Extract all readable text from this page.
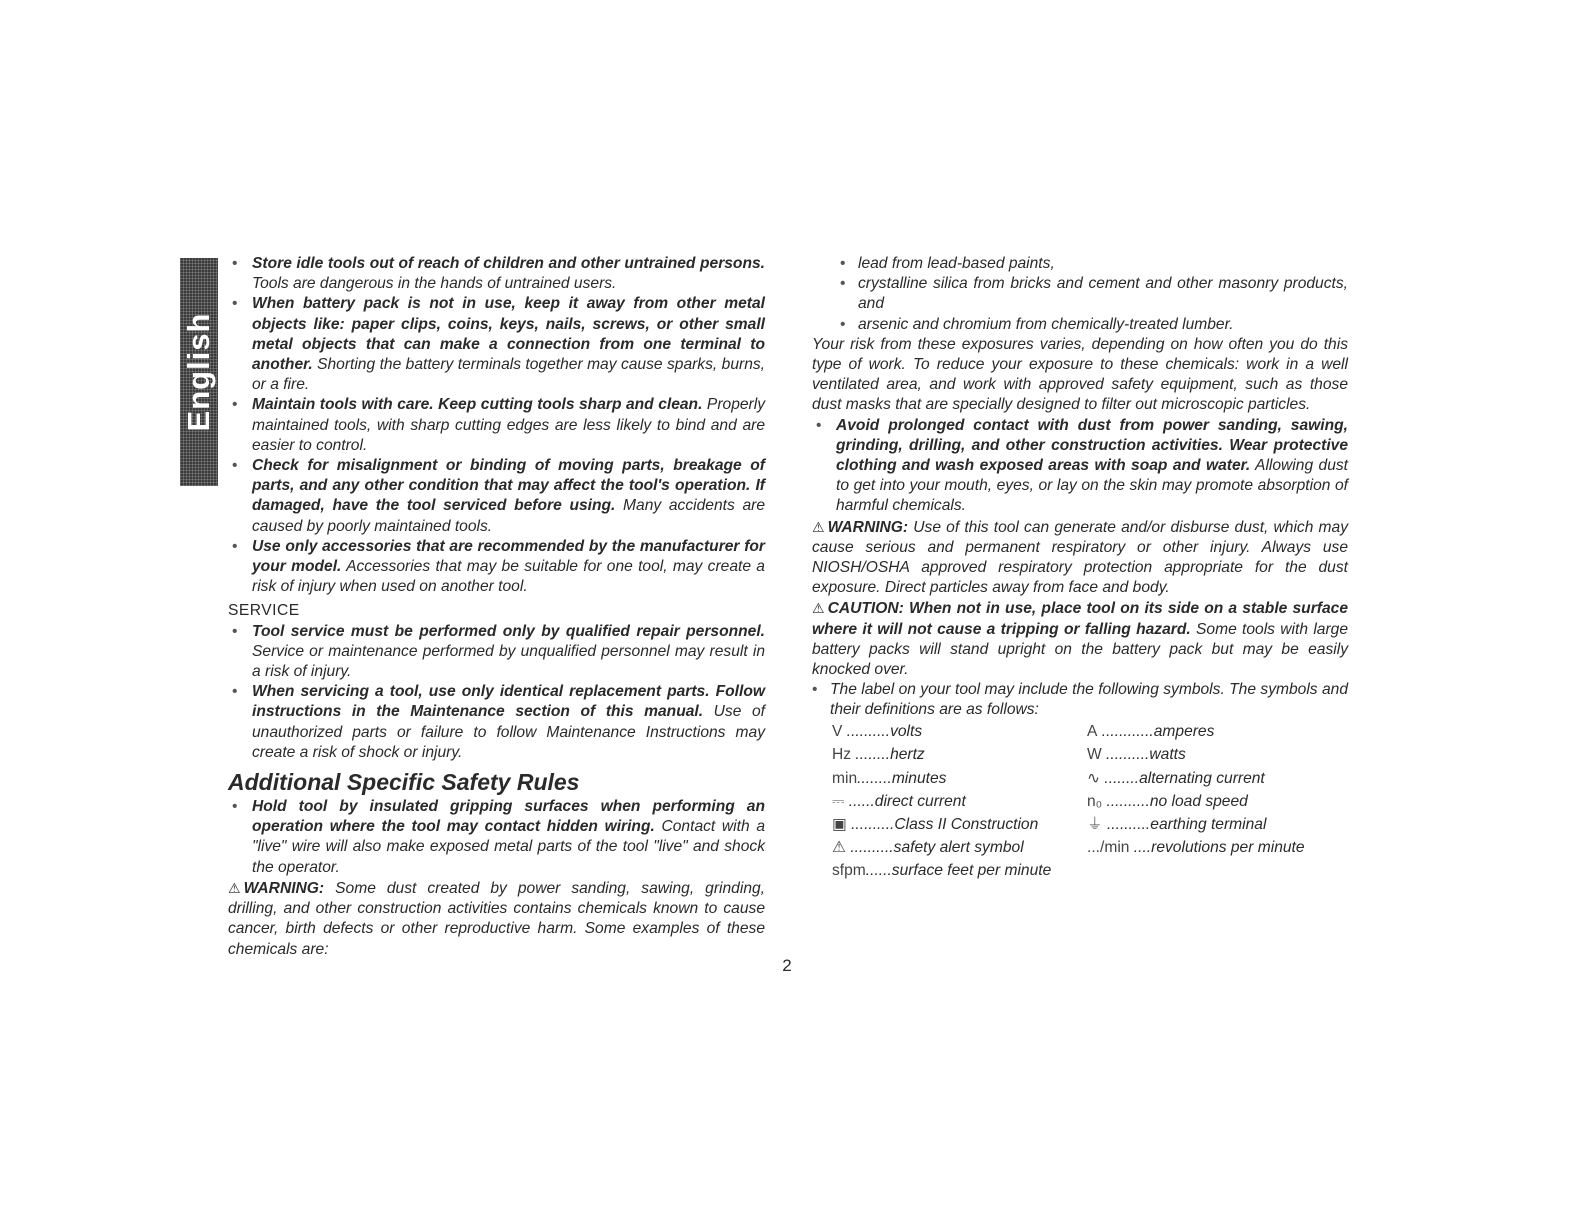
English
• Store idle tools out of reach of children and other untrained persons. Tools are dangerous in the hands of untrained users.
• When battery pack is not in use, keep it away from other metal objects like: paper clips, coins, keys, nails, screws, or other small metal objects that can make a connection from one terminal to another. Shorting the battery terminals together may cause sparks, burns, or a fire.
• Maintain tools with care. Keep cutting tools sharp and clean. Properly maintained tools, with sharp cutting edges are less likely to bind and are easier to control.
• Check for misalignment or binding of moving parts, breakage of parts, and any other condition that may affect the tool's operation. If damaged, have the tool serviced before using. Many accidents are caused by poorly maintained tools.
• Use only accessories that are recommended by the manufacturer for your model. Accessories that may be suitable for one tool, may create a risk of injury when used on another tool.
SERVICE
• Tool service must be performed only by qualified repair personnel. Service or maintenance performed by unqualified personnel may result in a risk of injury.
• When servicing a tool, use only identical replacement parts. Follow instructions in the Maintenance section of this manual. Use of unauthorized parts or failure to follow Maintenance Instructions may create a risk of shock or injury.
Additional Specific Safety Rules
• Hold tool by insulated gripping surfaces when performing an operation where the tool may contact hidden wiring. Contact with a "live" wire will also make exposed metal parts of the tool "live" and shock the operator.

⚠ WARNING: Some dust created by power sanding, sawing, grinding, drilling, and other construction activities contains chemicals known to cause cancer, birth defects or other reproductive harm. Some examples of these chemicals are:

• lead from lead-based paints,
• crystalline silica from bricks and cement and other masonry products, and
• arsenic and chromium from chemically-treated lumber.

Your risk from these exposures varies, depending on how often you do this type of work. To reduce your exposure to these chemicals: work in a well ventilated area, and work with approved safety equipment, such as those dust masks that are specially designed to filter out microscopic particles.

• Avoid prolonged contact with dust from power sanding, sawing, grinding, drilling, and other construction activities. Wear protective clothing and wash exposed areas with soap and water. Allowing dust to get into your mouth, eyes, or lay on the skin may promote absorption of harmful chemicals.

⚠ WARNING: Use of this tool can generate and/or disburse dust, which may cause serious and permanent respiratory or other injury. Always use NIOSH/OSHA approved respiratory protection appropriate for the dust exposure. Direct particles away from face and body.

⚠ CAUTION: When not in use, place tool on its side on a stable surface where it will not cause a tripping or falling hazard. Some tools with large battery packs will stand upright on the battery pack but may be easily knocked over.

• The label on your tool may include the following symbols. The symbols and their definitions are as follows:
V ..........volts	A ............amperes
Hz ........hertz	W ..........watts
min........minutes	∿ ........alternating current
⎓ ......direct current	n₀ ..........no load speed
▣ ..........Class II Construction	⏚ ..........earthing terminal
⚠ ..........safety alert symbol	.../min ....revolutions per minute
sfpm......surface feet per minute	
2
